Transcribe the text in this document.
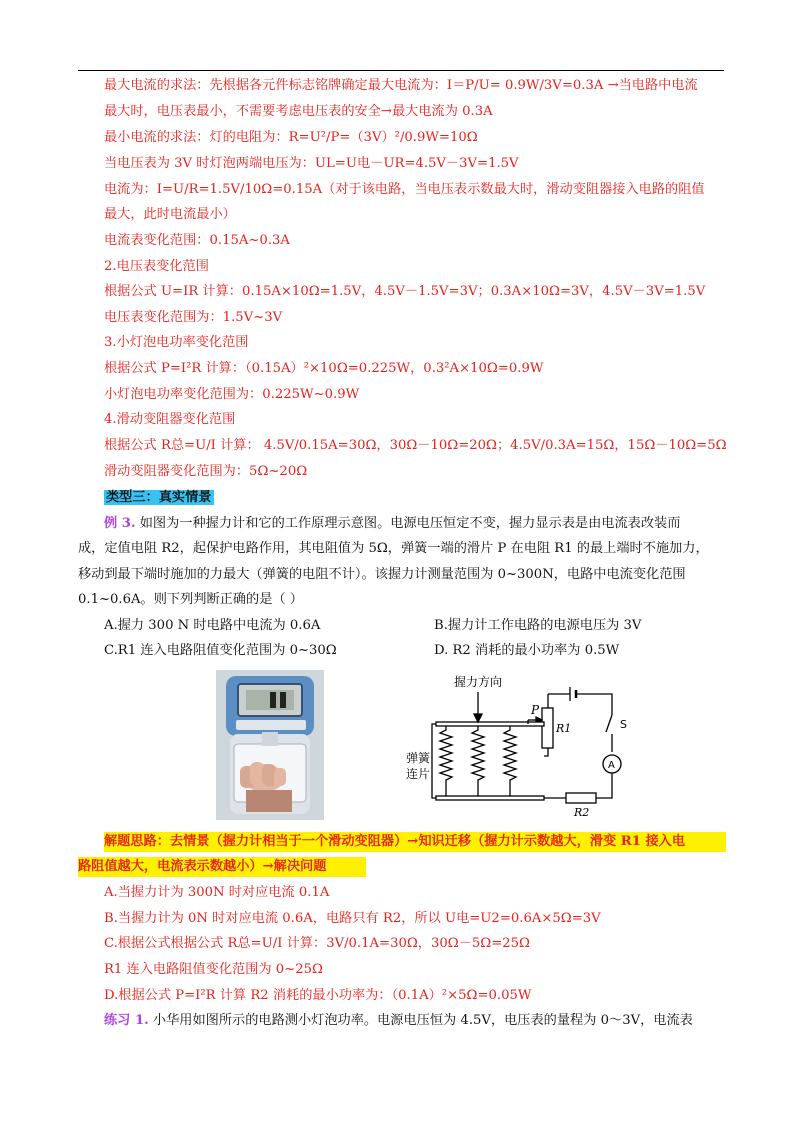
最大电流的求法：先根据各元件标志铭牌确定最大电流为：I＝P/U= 0.9W/3V=0.3A →当电路中电流
最大时，电压表最小，不需要考虑电压表的安全→最大电流为 0.3A
最小电流的求法：灯的电阻为：R=U²/P=（3V）²/0.9W=10Ω
当电压表为 3V 时灯泡两端电压为：UL=U电－UR=4.5V－3V=1.5V
电流为：I=U/R=1.5V/10Ω=0.15A（对于该电路，当电压表示数最大时，滑动变阻器接入电路的阻值
最大，此时电流最小）
电流表变化范围：0.15A~0.3A
2.电压表变化范围
根据公式 U=IR 计算：0.15A×10Ω=1.5V，4.5V－1.5V=3V；0.3A×10Ω=3V，4.5V－3V=1.5V
电压表变化范围为：1.5V~3V
3.小灯泡电功率变化范围
根据公式 P=I²R 计算：（0.15A）²×10Ω=0.225W，0.3²A×10Ω=0.9W
小灯泡电功率变化范围为：0.225W~0.9W
4.滑动变阻器变化范围
根据公式 R总=U/I 计算： 4.5V/0.15A=30Ω，30Ω－10Ω=20Ω；4.5V/0.3A=15Ω，15Ω－10Ω=5Ω
滑动变阻器变化范围为：5Ω~20Ω
类型三：真实情景
例 3. 如图为一种握力计和它的工作原理示意图。电源电压恒定不变，握力显示表是由电流表改装而
成，定值电阻 R2，起保护电路作用，其电阻值为 5Ω，弹簧一端的滑片 P 在电阻 R1 的最上端时不施加力，
移动到最下端时施加的力最大（弹簧的电阻不计）。该握力计测量范围为 0~300N，电路中电流变化范围
0.1~0.6A。则下列判断正确的是（ ）
A.握力 300 N 时电路中电流为 0.6A	B.握力计工作电路的电源电压为 3V
C.R1 连入电路阻值变化范围为 0~30Ω	D. R2 消耗的最小功率为 0.5W
握力方向
P
R1	S
A
R2
弹簧
连片
解题思路：去情景（握力计相当于一个滑动变阻器）→知识迁移（握力计示数越大，滑变 R1 接入电
路阻值越大，电流表示数越小）→解决问题
A.当握力计为 300N 时对应电流 0.1A
B.当握力计为 0N 时对应电流 0.6A，电路只有 R2，所以 U电=U2=0.6A×5Ω=3V
C.根据公式根据公式 R总=U/I 计算：3V/0.1A=30Ω，30Ω－5Ω=25Ω
R1 连入电路阻值变化范围为 0~25Ω
D.根据公式 P=I²R 计算 R2 消耗的最小功率为：（0.1A）²×5Ω=0.05W
练习 1. 小华用如图所示的电路测小灯泡功率。电源电压恒为 4.5V，电压表的量程为 0～3V，电流表
